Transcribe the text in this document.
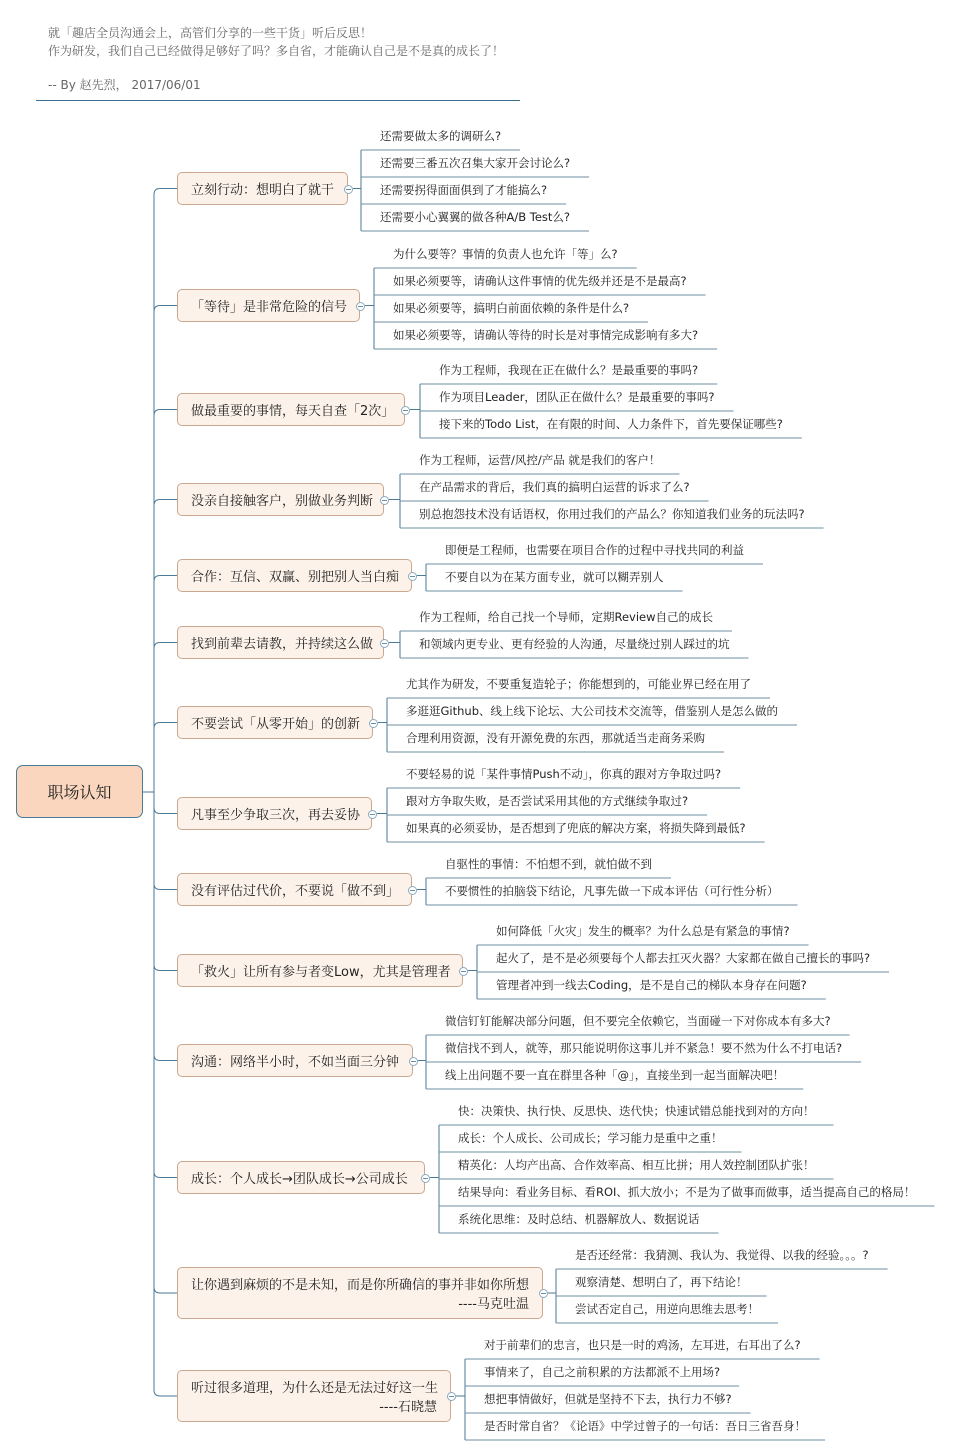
就「趣店全员沟通会上，高管们分享的一些干货」听后反思！
作为研发，我们自己已经做得足够好了吗？多自省，才能确认自己是不是真的成长了！
-- By 赵先烈， 2017/06/01
职场认知
立刻行动：想明白了就干
还需要做太多的调研么?
还需要三番五次召集大家开会讨论么?
还需要拐得面面俱到了才能搞么?
还需要小心翼翼的做各种A/B Test么?
「等待」是非常危险的信号
为什么要等？事情的负责人也允许「等」么?
如果必须要等，请确认这件事情的优先级并还是不是最高?
如果必须要等，搞明白前面依赖的条件是什么?
如果必须要等，请确认等待的时长是对事情完成影响有多大?
做最重要的事情，每天自查「2次」
作为工程师，我现在正在做什么？是最重要的事吗?
作为项目Leader，团队正在做什么？是最重要的事吗?
接下来的Todo List，在有限的时间、人力条件下，首先要保证哪些?
没亲自接触客户，别做业务判断
作为工程师，运营/风控/产品 就是我们的客户！
在产品需求的背后，我们真的搞明白运营的诉求了么?
别总抱怨技术没有话语权，你用过我们的产品么？你知道我们业务的玩法吗?
合作：互信、双赢、别把别人当白痴
即便是工程师，也需要在项目合作的过程中寻找共同的利益
不要自以为在某方面专业，就可以糊弄别人
找到前辈去请教，并持续这么做
作为工程师，给自己找一个导师，定期Review自己的成长
和领域内更专业、更有经验的人沟通，尽量绕过别人踩过的坑
不要尝试「从零开始」的创新
尤其作为研发，不要重复造轮子；你能想到的，可能业界已经在用了
多逛逛Github、线上线下论坛、大公司技术交流等，借鉴别人是怎么做的
合理利用资源，没有开源免费的东西，那就适当走商务采购
凡事至少争取三次，再去妥协
不要轻易的说「某件事情Push不动」，你真的跟对方争取过吗?
跟对方争取失败，是否尝试采用其他的方式继续争取过?
如果真的必须妥协，是否想到了兜底的解决方案，将损失降到最低?
没有评估过代价，不要说「做不到」
自驱性的事情：不怕想不到，就怕做不到
不要惯性的拍脑袋下结论，凡事先做一下成本评估（可行性分析）
「救火」让所有参与者变Low，尤其是管理者
如何降低「火灾」发生的概率？为什么总是有紧急的事情?
起火了，是不是必须要每个人都去扛灭火器？大家都在做自己擅长的事吗?
管理者冲到一线去Coding，是不是自己的梯队本身存在问题?
沟通：网络半小时，不如当面三分钟
微信钉钉能解决部分问题，但不要完全依赖它，当面碰一下对你成本有多大?
微信找不到人，就等，那只能说明你这事儿并不紧急！要不然为什么不打电话?
线上出问题不要一直在群里各种「@」，直接坐到一起当面解决吧！
成长：个人成长→团队成长→公司成长
快：决策快、执行快、反思快、迭代快；快速试错总能找到对的方向！
成长：个人成长、公司成长；学习能力是重中之重！
精英化：人均产出高、合作效率高、相互比拼；用人效控制团队扩张！
结果导向：看业务目标、看ROI、抓大放小；不是为了做事而做事，适当提高自己的格局！
系统化思维：及时总结、机器解放人、数据说话
让你遇到麻烦的不是未知，而是你所确信的事并非如你所想
----马克吐温
是否还经常：我猜测、我认为、我觉得、以我的经验。。。?
观察清楚、想明白了，再下结论！
尝试否定自己，用逆向思维去思考！
听过很多道理，为什么还是无法过好这一生
----石晓慧
对于前辈们的忠言，也只是一时的鸡汤，左耳进，右耳出了么?
事情来了，自己之前积累的方法都派不上用场?
想把事情做好，但就是坚持不下去，执行力不够?
是否时常自省？《论语》中学过曾子的一句话：吾日三省吾身！
